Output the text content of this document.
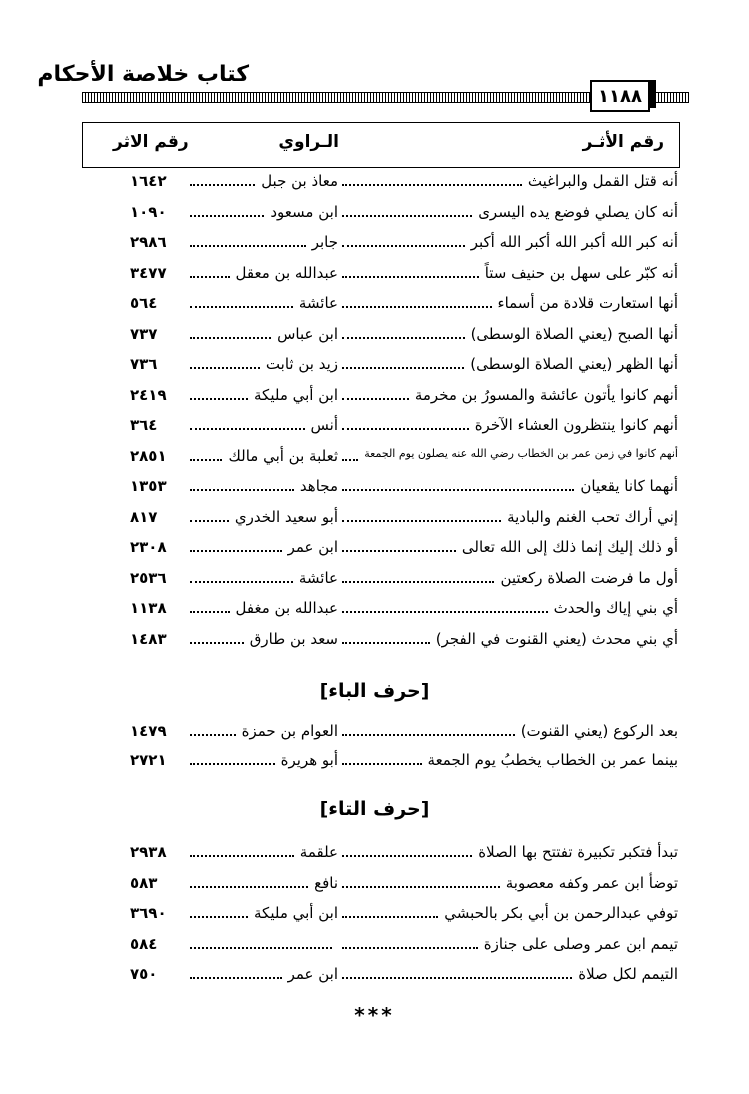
كتاب خلاصة الأحكام
١١٨٨
رقم الأثـر
الـراوي
رقم الاثر
أنه قتل القمل والبراغيث
معاذ بن جبل
١٦٤٢
أنه كان يصلي فوضع يده اليسرى
ابن مسعود
١٠٩٠
أنه كبر الله أكبر الله أكبر الله أكبر
جابر
٢٩٨٦
أنه كبّر على سهل بن حنيف ستاً
عبدالله بن معقل
٣٤٧٧
أنها استعارت قلادة من أسماء
عائشة
٥٦٤
أنها الصبح (يعني الصلاة الوسطى)
ابن عباس
٧٣٧
أنها الظهر (يعني الصلاة الوسطى)
زيد بن ثابت
٧٣٦
أنهم كانوا يأتون عائشة والمسورُ بن مخرمة
ابن أبي مليكة
٢٤١٩
أنهم كانوا ينتظرون العشاء الآخرة
أنس
٣٦٤
أنهم كانوا في زمن عمر بن الخطاب رضي الله عنه يصلون يوم الجمعة
ثعلبة بن أبي مالك
٢٨٥١
أنهما كانا يقعيان
مجاهد
١٣٥٣
إني أراك تحب الغنم والبادية
أبو سعيد الخدري
٨١٧
أو ذلك إليك إنما ذلك إلى الله تعالى
ابن عمر
٢٣٠٨
أول ما فرضت الصلاة ركعتين
عائشة
٢٥٣٦
أي بني إياك والحدث
عبدالله بن مغفل
١١٣٨
أي بني محدث (يعني القنوت في الفجر)
سعد بن طارق
١٤٨٣
[حرف الباء]
بعد الركوع (يعني القنوت)
العوام بن حمزة
١٤٧٩
بينما عمر بن الخطاب يخطبُ يوم الجمعة
أبو هريرة
٢٧٢١
[حرف التاء]
تبدأ فتكبر تكبيرة تفتتح بها الصلاة
علقمة
٢٩٣٨
توضأ ابن عمر وكفه معصوبة
نافع
٥٨٣
توفي عبدالرحمن بن أبي بكر بالحبشي
ابن أبي مليكة
٣٦٩٠
تيمم ابن عمر وصلى على جنازة
٥٨٤
التيمم لكل صلاة
ابن عمر
٧٥٠
***
